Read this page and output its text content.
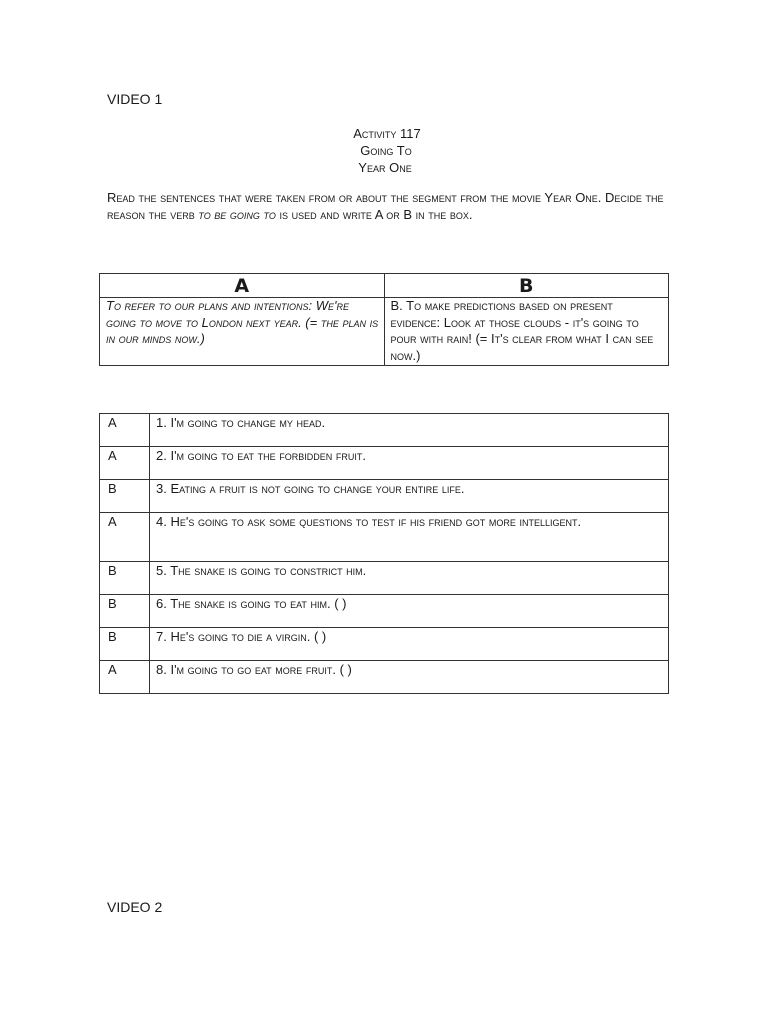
VIDEO 1
Activity 117
Going To
Year One
Read the sentences that were taken from or about the segment from the movie Year One. Decide the reason the verb to be going to is used and write A or B in the box.
A	B
To refer to our plans and intentions: We're going to move to London next year. (= the plan is in our minds now.)	B. To make predictions based on present evidence: Look at those clouds - it's going to pour with rain! (= It's clear from what I can see now.)
A	1. I'm going to change my head.
A	2. I'm going to eat the forbidden fruit.
B	3. Eating a fruit is not going to change your entire life.
A	4. He's going to ask some questions to test if his friend got more intelligent.
B	5. The snake is going to constrict him.
B	6. The snake is going to eat him. ( )
B	7. He's going to die a virgin. ( )
A	8. I'm going to go eat more fruit. ( )
VIDEO 2
